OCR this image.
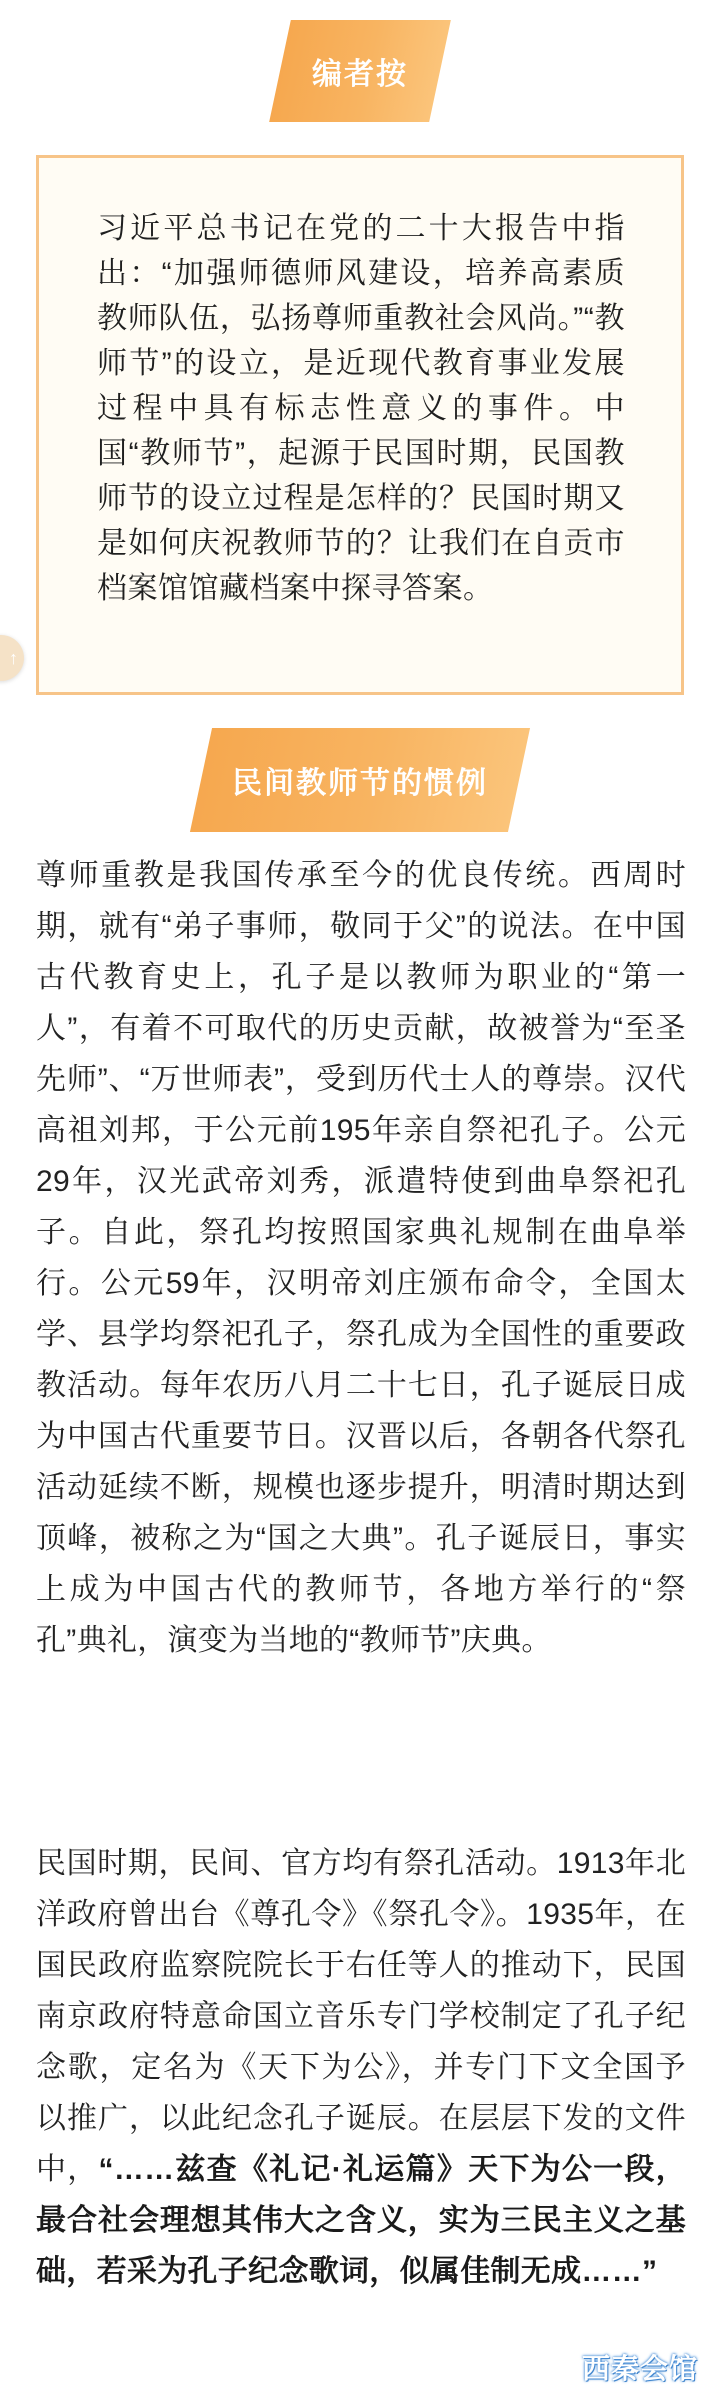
编者按

习近平总书记在党的二十大报告中指出：“加强师德师风建设，培养高素质教师队伍，弘扬尊师重教社会风尚。”“教师节”的设立，是近现代教育事业发展过程中具有标志性意义的事件。中国“教师节”，起源于民国时期，民国教师节的设立过程是怎样的？民国时期又是如何庆祝教师节的？让我们在自贡市档案馆馆藏档案中探寻答案。

↑
民间教师节的惯例

尊师重教是我国传承至今的优良传统。西周时期，就有“弟子事师，敬同于父”的说法。在中国古代教育史上，孔子是以教师为职业的“第一人”，有着不可取代的历史贡献，故被誉为“至圣先师”、“万世师表”，受到历代士人的尊崇。汉代高祖刘邦，于公元前195年亲自祭祀孔子。公元29年，汉光武帝刘秀，派遣特使到曲阜祭祀孔子。自此，祭孔均按照国家典礼规制在曲阜举行。公元59年，汉明帝刘庄颁布命令，全国太学、县学均祭祀孔子，祭孔成为全国性的重要政教活动。每年农历八月二十七日，孔子诞辰日成为中国古代重要节日。汉晋以后，各朝各代祭孔活动延续不断，规模也逐步提升，明清时期达到顶峰，被称之为“国之大典”。孔子诞辰日，事实上成为中国古代的教师节，各地方举行的“祭孔”典礼，演变为当地的“教师节”庆典。

民国时期，民间、官方均有祭孔活动。1913年北洋政府曾出台《尊孔令》《祭孔令》。1935年，在国民政府监察院院长于右任等人的推动下，民国南京政府特意命国立音乐专门学校制定了孔子纪念歌，定名为《天下为公》，并专门下文全国予以推广，以此纪念孔子诞辰。在层层下发的文件中，“……兹查《礼记·礼运篇》天下为公一段，最合社会理想其伟大之含义，实为三民主义之基础，若采为孔子纪念歌词，似属佳制无成……”

西秦会馆
